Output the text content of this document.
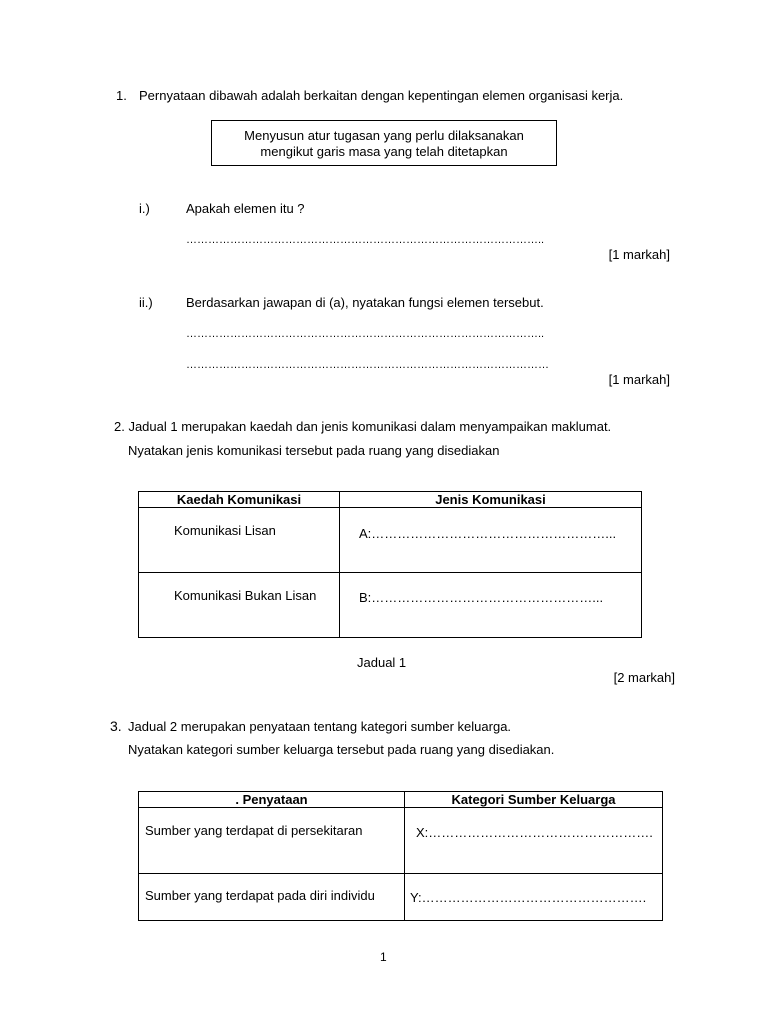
1. Pernyataan dibawah adalah berkaitan dengan kepentingan elemen organisasi kerja.
Menyusun atur tugasan yang perlu dilaksanakan
mengikut garis masa yang telah ditetapkan
i.)	Apakah elemen itu ?
……………………………………………………………………………………..
[1 markah]
ii.)	Berdasarkan jawapan di (a), nyatakan fungsi elemen tersebut.
……………………………………………………………………………………..
………………………………………………………………………………………
[1 markah]
2. Jadual 1 merupakan kaedah dan jenis komunikasi dalam menyampaikan maklumat.
Nyatakan jenis komunikasi tersebut pada ruang yang disediakan
Kaedah Komunikasi	Jenis Komunikasi

Komunikasi Lisan	A:………………………………………………...

Komunikasi Bukan Lisan	B:……………………………………………...
Jadual 1
[2 markah]
3. Jadual 2 merupakan penyataan tentang kategori sumber keluarga.
Nyatakan kategori sumber keluarga tersebut pada ruang yang disediakan.
. Penyataan	Kategori Sumber Keluarga

Sumber yang terdapat di persekitaran	X:…………………………………………….

Sumber yang terdapat pada diri individu	Y:…………………………………………….
1
